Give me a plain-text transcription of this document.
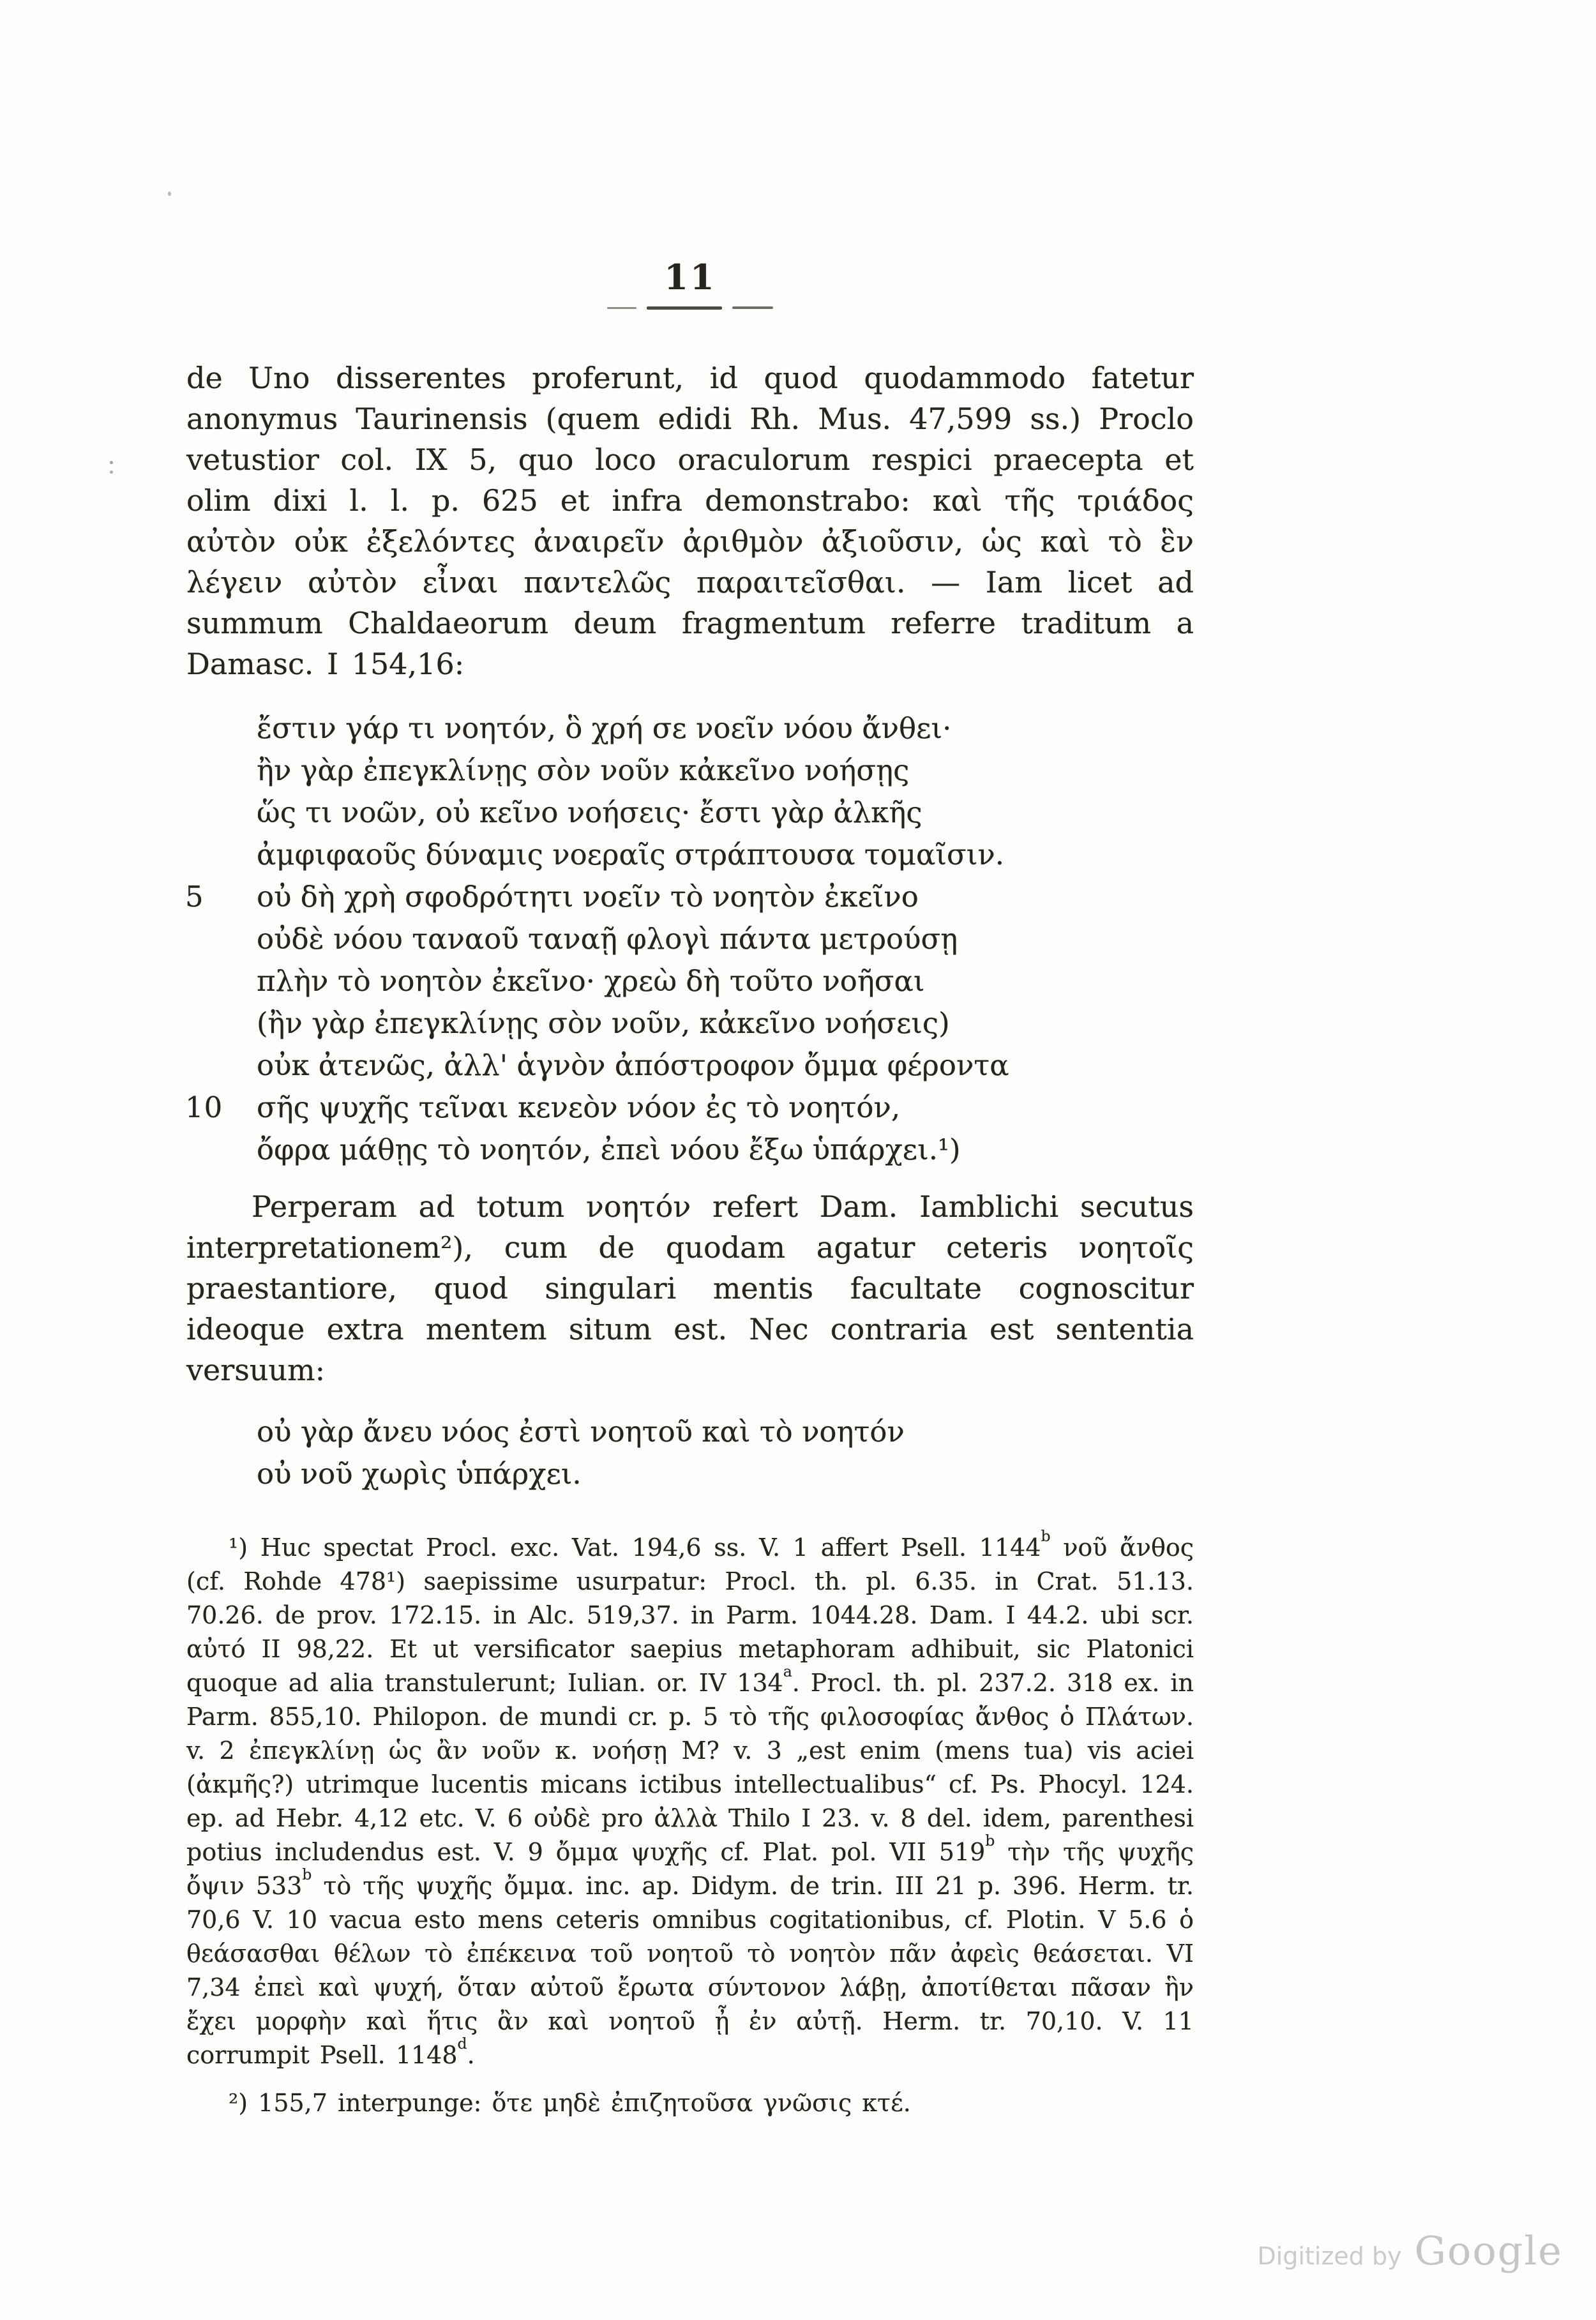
11

de Uno disserentes proferunt, id quod quodammodo fatetur anonymus Taurinensis (quem edidi Rh. Mus. 47,599 ss.) Proclo vetustior col. IX 5, quo loco oraculorum respici praecepta et olim dixi l. l. p. 625 et infra demonstrabo: καὶ τῆς τριάδος αὐτὸν οὐκ ἐξελόντες ἀναιρεῖν ἀριθμὸν ἀξιοῦσιν, ὡς καὶ τὸ ἓν λέγειν αὐτὸν εἶναι παντελῶς παραιτεῖσθαι. — Iam licet ad summum Chaldaeorum deum fragmentum referre traditum a Damasc. I 154,16:

ἔστιν γάρ τι νοητόν, ὃ χρή σε νοεῖν νόου ἄνθει·
ἢν γὰρ ἐπεγκλίνῃς σὸν νοῦν κἀκεῖνο νοήσῃς
ὥς τι νοῶν, οὐ κεῖνο νοήσεις· ἔστι γὰρ ἀλκῆς
ἀμφιφαοῦς δύναμις νοεραῖς στράπτουσα τομαῖσιν.
5 οὐ δὴ χρὴ σφοδρότητι νοεῖν τὸ νοητὸν ἐκεῖνο
οὐδὲ νόου ταναοῦ ταναῇ φλογὶ πάντα μετρούσῃ
πλὴν τὸ νοητὸν ἐκεῖνο· χρεὼ δὴ τοῦτο νοῆσαι
(ἢν γὰρ ἐπεγκλίνῃς σὸν νοῦν, κἀκεῖνο νοήσεις)
οὐκ ἀτενῶς, ἀλλ' ἁγνὸν ἀπόστροφον ὄμμα φέροντα
10 σῆς ψυχῆς τεῖναι κενεὸν νόον ἐς τὸ νοητόν,
ὄφρα μάθῃς τὸ νοητόν, ἐπεὶ νόου ἔξω ὑπάρχει.¹)

Perperam ad totum νοητόν refert Dam. Iamblichi secutus interpretationem²), cum de quodam agatur ceteris νοητοῖς praestantiore, quod singulari mentis facultate cognoscitur ideoque extra mentem situm est. Nec contraria est sententia versuum:

οὐ γὰρ ἄνευ νόος ἐστὶ νοητοῦ καὶ τὸ νοητόν
οὐ νοῦ χωρὶς ὑπάρχει.

¹) Huc spectat Procl. exc. Vat. 194,6 ss. V. 1 affert Psell. 1144$^b$ νοῦ ἄνθος (cf. Rohde 478¹) saepissime usurpatur: Procl. th. pl. 6.35. in Crat. 51.13. 70.26. de prov. 172.15. in Alc. 519,37. in Parm. 1044.28. Dam. I 44.2. ubi scr. αὐτό II 98,22. Et ut versificator saepius metaphoram adhibuit, sic Platonici quoque ad alia transtulerunt; Iulian. or. IV 134$^a$. Procl. th. pl. 237.2. 318 ex. in Parm. 855,10. Philopon. de mundi cr. p. 5 τὸ τῆς φιλοσοφίας ἄνθος ὁ Πλάτων. v. 2 ἐπεγκλίνῃ ὡς ἂν νοῦν κ. νοήσῃ M? v. 3 „est enim (mens tua) vis aciei (ἀκμῆς?) utrimque lucentis micans ictibus intellectualibus“ cf. Ps. Phocyl. 124. ep. ad Hebr. 4,12 etc. V. 6 οὐδὲ pro ἀλλὰ Thilo I 23. v. 8 del. idem, parenthesi potius includendus est. V. 9 ὄμμα ψυχῆς cf. Plat. pol. VII 519$^b$ τὴν τῆς ψυχῆς ὄψιν 533$^b$ τὸ τῆς ψυχῆς ὄμμα. inc. ap. Didym. de trin. III 21 p. 396. Herm. tr. 70,6 V. 10 vacua esto mens ceteris omnibus cogitationibus, cf. Plotin. V 5.6 ὁ θεάσασθαι θέλων τὸ ἐπέκεινα τοῦ νοητοῦ τὸ νοητὸν πᾶν ἀφεὶς θεάσεται. VI 7,34 ἐπεὶ καὶ ψυχή, ὅταν αὐτοῦ ἔρωτα σύντονον λάβῃ, ἀποτίθεται πᾶσαν ἣν ἔχει μορφὴν καὶ ἥτις ἂν καὶ νοητοῦ ᾖ ἐν αὐτῇ. Herm. tr. 70,10. V. 11 corrumpit Psell. 1148$^d$.

²) 155,7 interpunge: ὅτε μηδὲ ἐπιζητοῦσα γνῶσις κτέ.

Digitized by Google
